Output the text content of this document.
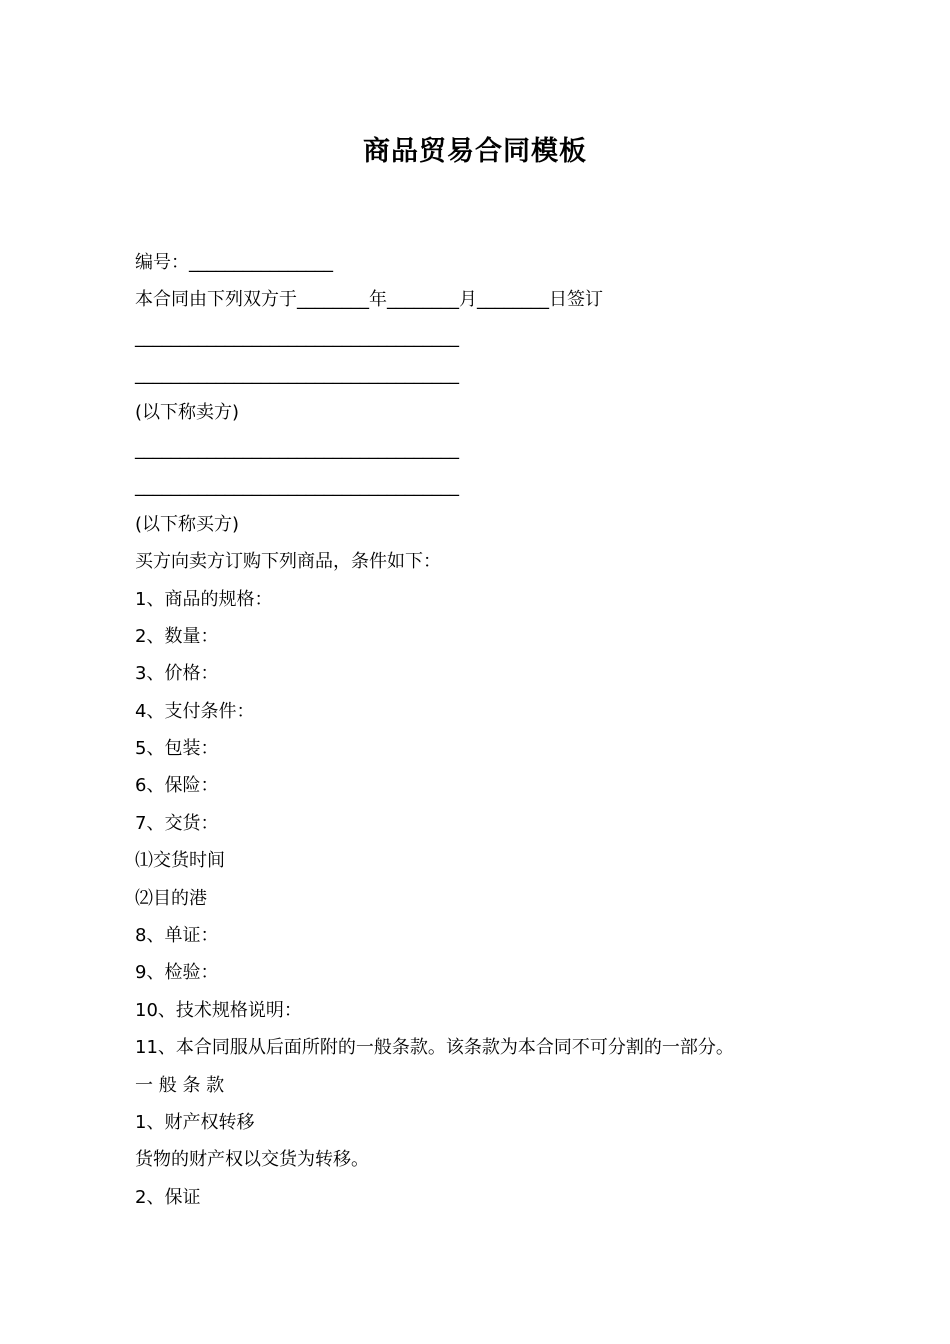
商品贸易合同模板
编号：________________
本合同由下列双方于________年________月________日签订
____________________________________
____________________________________
(以下称卖方)
____________________________________
____________________________________
(以下称买方)
买方向卖方订购下列商品，条件如下：
1、商品的规格：
2、数量：
3、价格：
4、支付条件：
5、包装：
6、保险：
7、交货：
⑴交货时间
⑵目的港
8、单证：
9、检验：
10、技术规格说明：
11、本合同服从后面所附的一般条款。该条款为本合同不可分割的一部分。
一 般 条 款
1、财产权转移
货物的财产权以交货为转移。
2、保证
